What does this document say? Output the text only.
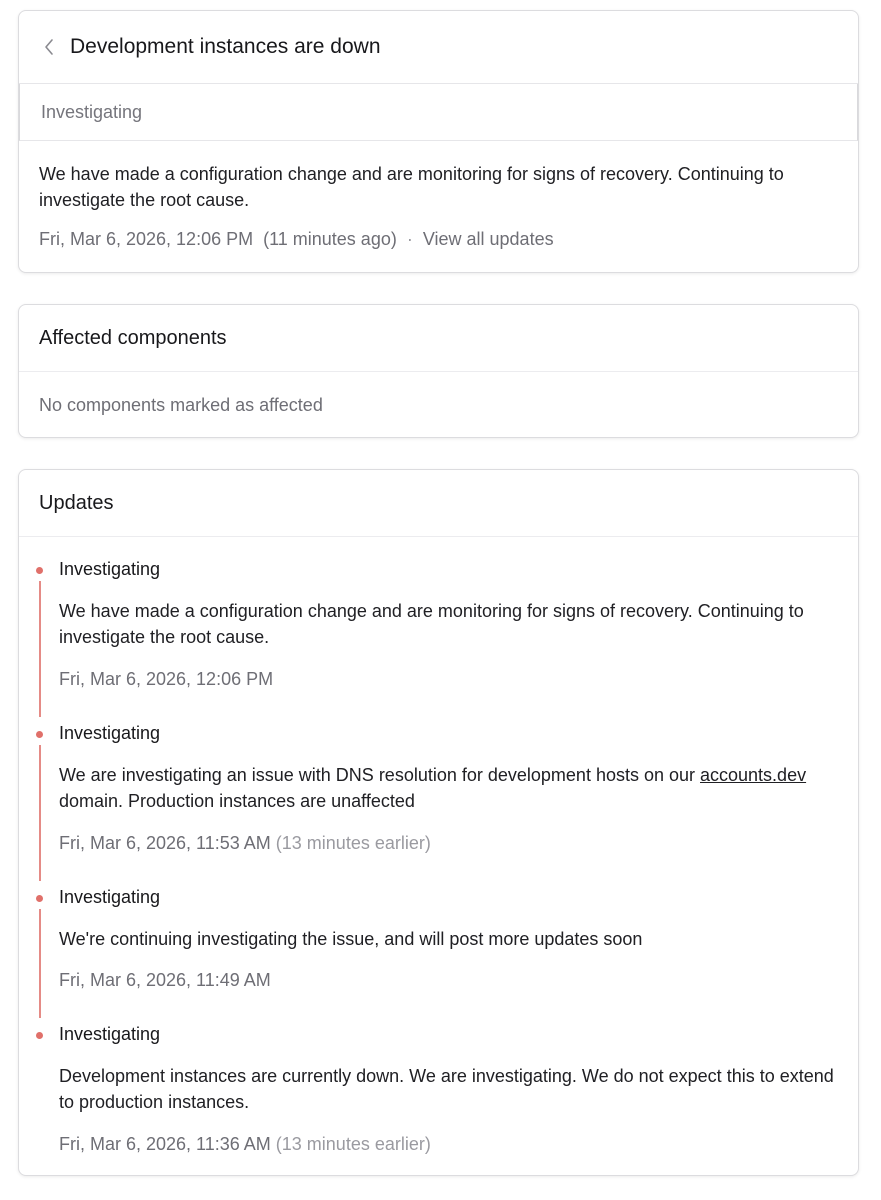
Development instances are down
Investigating
We have made a configuration change and are monitoring for signs of recovery. Continuing to investigate the root cause.
Fri, Mar 6, 2026, 12:06 PM (11 minutes ago) · View all updates
Affected components
No components marked as affected
Updates
Investigating
We have made a configuration change and are monitoring for signs of recovery. Continuing to investigate the root cause.
Fri, Mar 6, 2026, 12:06 PM
Investigating
We are investigating an issue with DNS resolution for development hosts on our accounts.dev domain. Production instances are unaffected
Fri, Mar 6, 2026, 11:53 AM (13 minutes earlier)
Investigating
We're continuing investigating the issue, and will post more updates soon
Fri, Mar 6, 2026, 11:49 AM
Investigating
Development instances are currently down. We are investigating. We do not expect this to extend to production instances.
Fri, Mar 6, 2026, 11:36 AM (13 minutes earlier)
